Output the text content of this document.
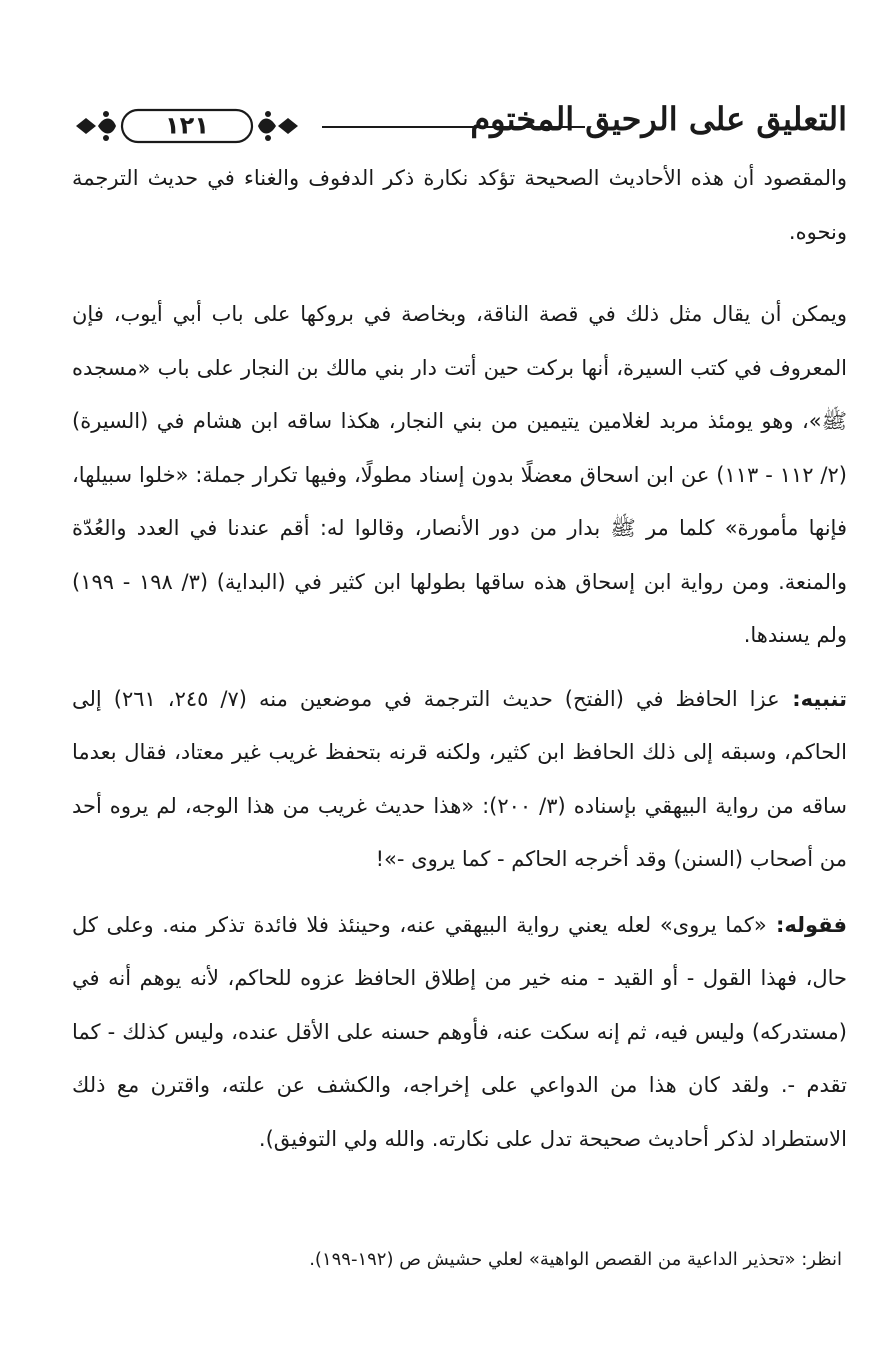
التعليق على الرحيق المختوم
١٢١

والمقصود أن هذه الأحاديث الصحيحة تؤكد نكارة ذكر الدفوف والغناء في حديث الترجمة ونحوه.

ويمكن أن يقال مثل ذلك في قصة الناقة، وبخاصة في بروكها على باب أبي أيوب، فإن المعروف في كتب السيرة، أنها بركت حين أتت دار بني مالك بن النجار على باب «مسجده ﷺ»، وهو يومئذ مربد لغلامين يتيمين من بني النجار، هكذا ساقه ابن هشام في (السيرة) (٢/ ١١٢ - ١١٣) عن ابن اسحاق معضلًا بدون إسناد مطولًا، وفيها تكرار جملة: «خلوا سبيلها، فإنها مأمورة» كلما مر ﷺ بدار من دور الأنصار، وقالوا له: أقم عندنا في العدد والعُدّة والمنعة. ومن رواية ابن إسحاق هذه ساقها بطولها ابن كثير في (البداية) (٣/ ١٩٨ - ١٩٩) ولم يسندها.

تنبيه: عزا الحافظ في (الفتح) حديث الترجمة في موضعين منه (٧/ ٢٤٥، ٢٦١) إلى الحاكم، وسبقه إلى ذلك الحافظ ابن كثير، ولكنه قرنه بتحفظ غريب غير معتاد، فقال بعدما ساقه من رواية البيهقي بإسناده (٣/ ٢٠٠): «هذا حديث غريب من هذا الوجه، لم يروه أحد من أصحاب (السنن) وقد أخرجه الحاكم - كما يروى -»!

فقوله: «كما يروى» لعله يعني رواية البيهقي عنه، وحينئذ فلا فائدة تذكر منه. وعلى كل حال، فهذا القول - أو القيد - منه خير من إطلاق الحافظ عزوه للحاكم، لأنه يوهم أنه في (مستدركه) وليس فيه، ثم إنه سكت عنه، فأوهم حسنه على الأقل عنده، وليس كذلك - كما تقدم -. ولقد كان هذا من الدواعي على إخراجه، والكشف عن علته، واقترن مع ذلك الاستطراد لذكر أحاديث صحيحة تدل على نكارته. والله ولي التوفيق).

انظر: «تحذير الداعية من القصص الواهية» لعلي حشيش ص (١٩٢-١٩٩).
